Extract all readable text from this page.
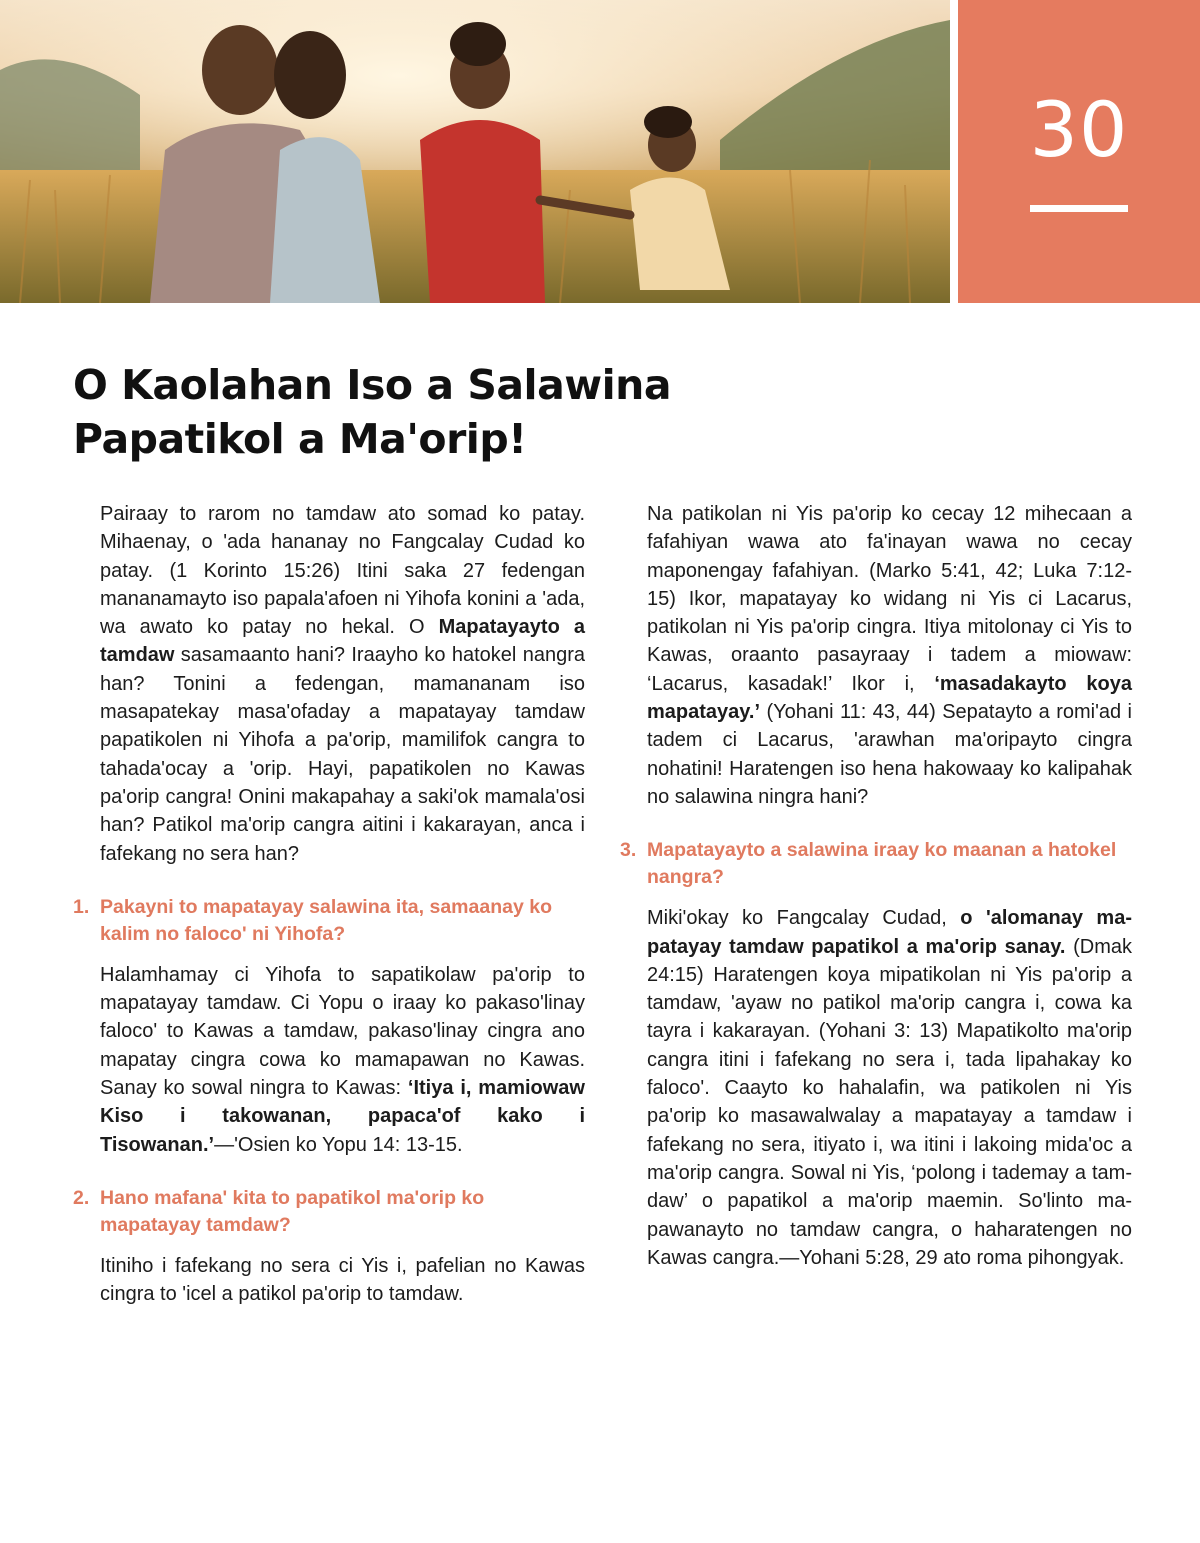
30
O Kaolahan Iso a Salawina
Papatikol a Ma'orip!

Pairaay to rarom no tamdaw ato somad ko patay. Mihaenay, o 'ada hananay no Fangcalay Cudad ko patay. (1 Korinto 15:26) Itini saka 27 fedengan mananamayto iso papala'afoen ni Yihofa konini a 'ada, wa awato ko patay no hekal. O Mapatayayto a tamdaw sasamaanto hani? Iraayho ko hatokel nangra han? Tonini a fedengan, mamananam iso masapatekay masa'ofaday a mapatayay tamdaw papatikolen ni Yihofa a pa'orip, mamilifok cangra to tahada'ocay a 'orip. Hayi, papatikolen no Kawas pa'orip cangra! Onini makapahay a saki'ok mamala'osi han? Patikol ma'orip cangra aitini i kakarayan, anca i fafekang no sera han?

1. Pakayni to mapatayay salawina ita, samaanay ko kalim no faloco' ni Yihofa?

Halamhamay ci Yihofa to sapatikolaw pa'orip to mapatayay tamdaw. Ci Yopu o iraay ko pakaso'linay faloco' to Kawas a tamdaw, pakaso'linay cingra ano mapatay cingra cowa ko mamapawan no Kawas. Sanay ko sowal ningra to Kawas: ‘Itiya i, mamiowaw Kiso i takowanan, papaca'of kako i Tisowanan.’—'Osien ko Yopu 14: 13-15.

2. Hano mafana' kita to papatikol ma'orip ko mapatayay tamdaw?

Itiniho i fafekang no sera ci Yis i, pafelian no Kawas cingra to 'icel a patikol pa'orip to tamdaw.

Na patikolan ni Yis pa'orip ko cecay 12 mihecaan a fafahiyan wawa ato fa'inayan wawa no cecay maponengay fafahiyan. (Marko 5:41, 42; Luka 7:12-15) Ikor, mapatayay ko widang ni Yis ci Lacarus, patikolan ni Yis pa'orip cingra. Itiya mitolonay ci Yis to Kawas, oraanto pasayraay i tadem a miowaw: ‘Lacarus, kasadak!’ Ikor i, ‘masadakayto koya mapatayay.’ (Yohani 11: 43, 44) Sepatayto a romi'ad i tadem ci Lacarus, 'arawhan ma'oripayto cingra nohatini! Haratengen iso hena hakowaay ko kalipahak no salawina ningra hani?

3. Mapatayayto a salawina iraay ko maanan a hatokel nangra?

Miki'okay ko Fangcalay Cudad, o 'alomanay mapatayay tamdaw papatikol a ma'orip sanay. (Dmak 24:15) Haratengen koya mipatikolan ni Yis pa'orip a tamdaw, 'ayaw no patikol ma'orip cangra i, cowa ka tayra i kakarayan. (Yohani 3: 13) Mapatikolto ma'orip cangra itini i fafekang no sera i, tada lipahakay ko faloco'. Caayto ko hahalafin, wa patikolen ni Yis pa'orip ko masawalwalay a mapatayay a tamdaw i fafekang no sera, itiyato i, wa itini i lakoing mida'oc a ma'orip cangra. Sowal ni Yis, ‘polong i tademay a tamdaw’ o papatikol a ma'orip maemin. So'linto mapawanayto no tamdaw cangra, o haharatengen no Kawas cangra.—Yohani 5:28, 29 ato roma pihongyak.
